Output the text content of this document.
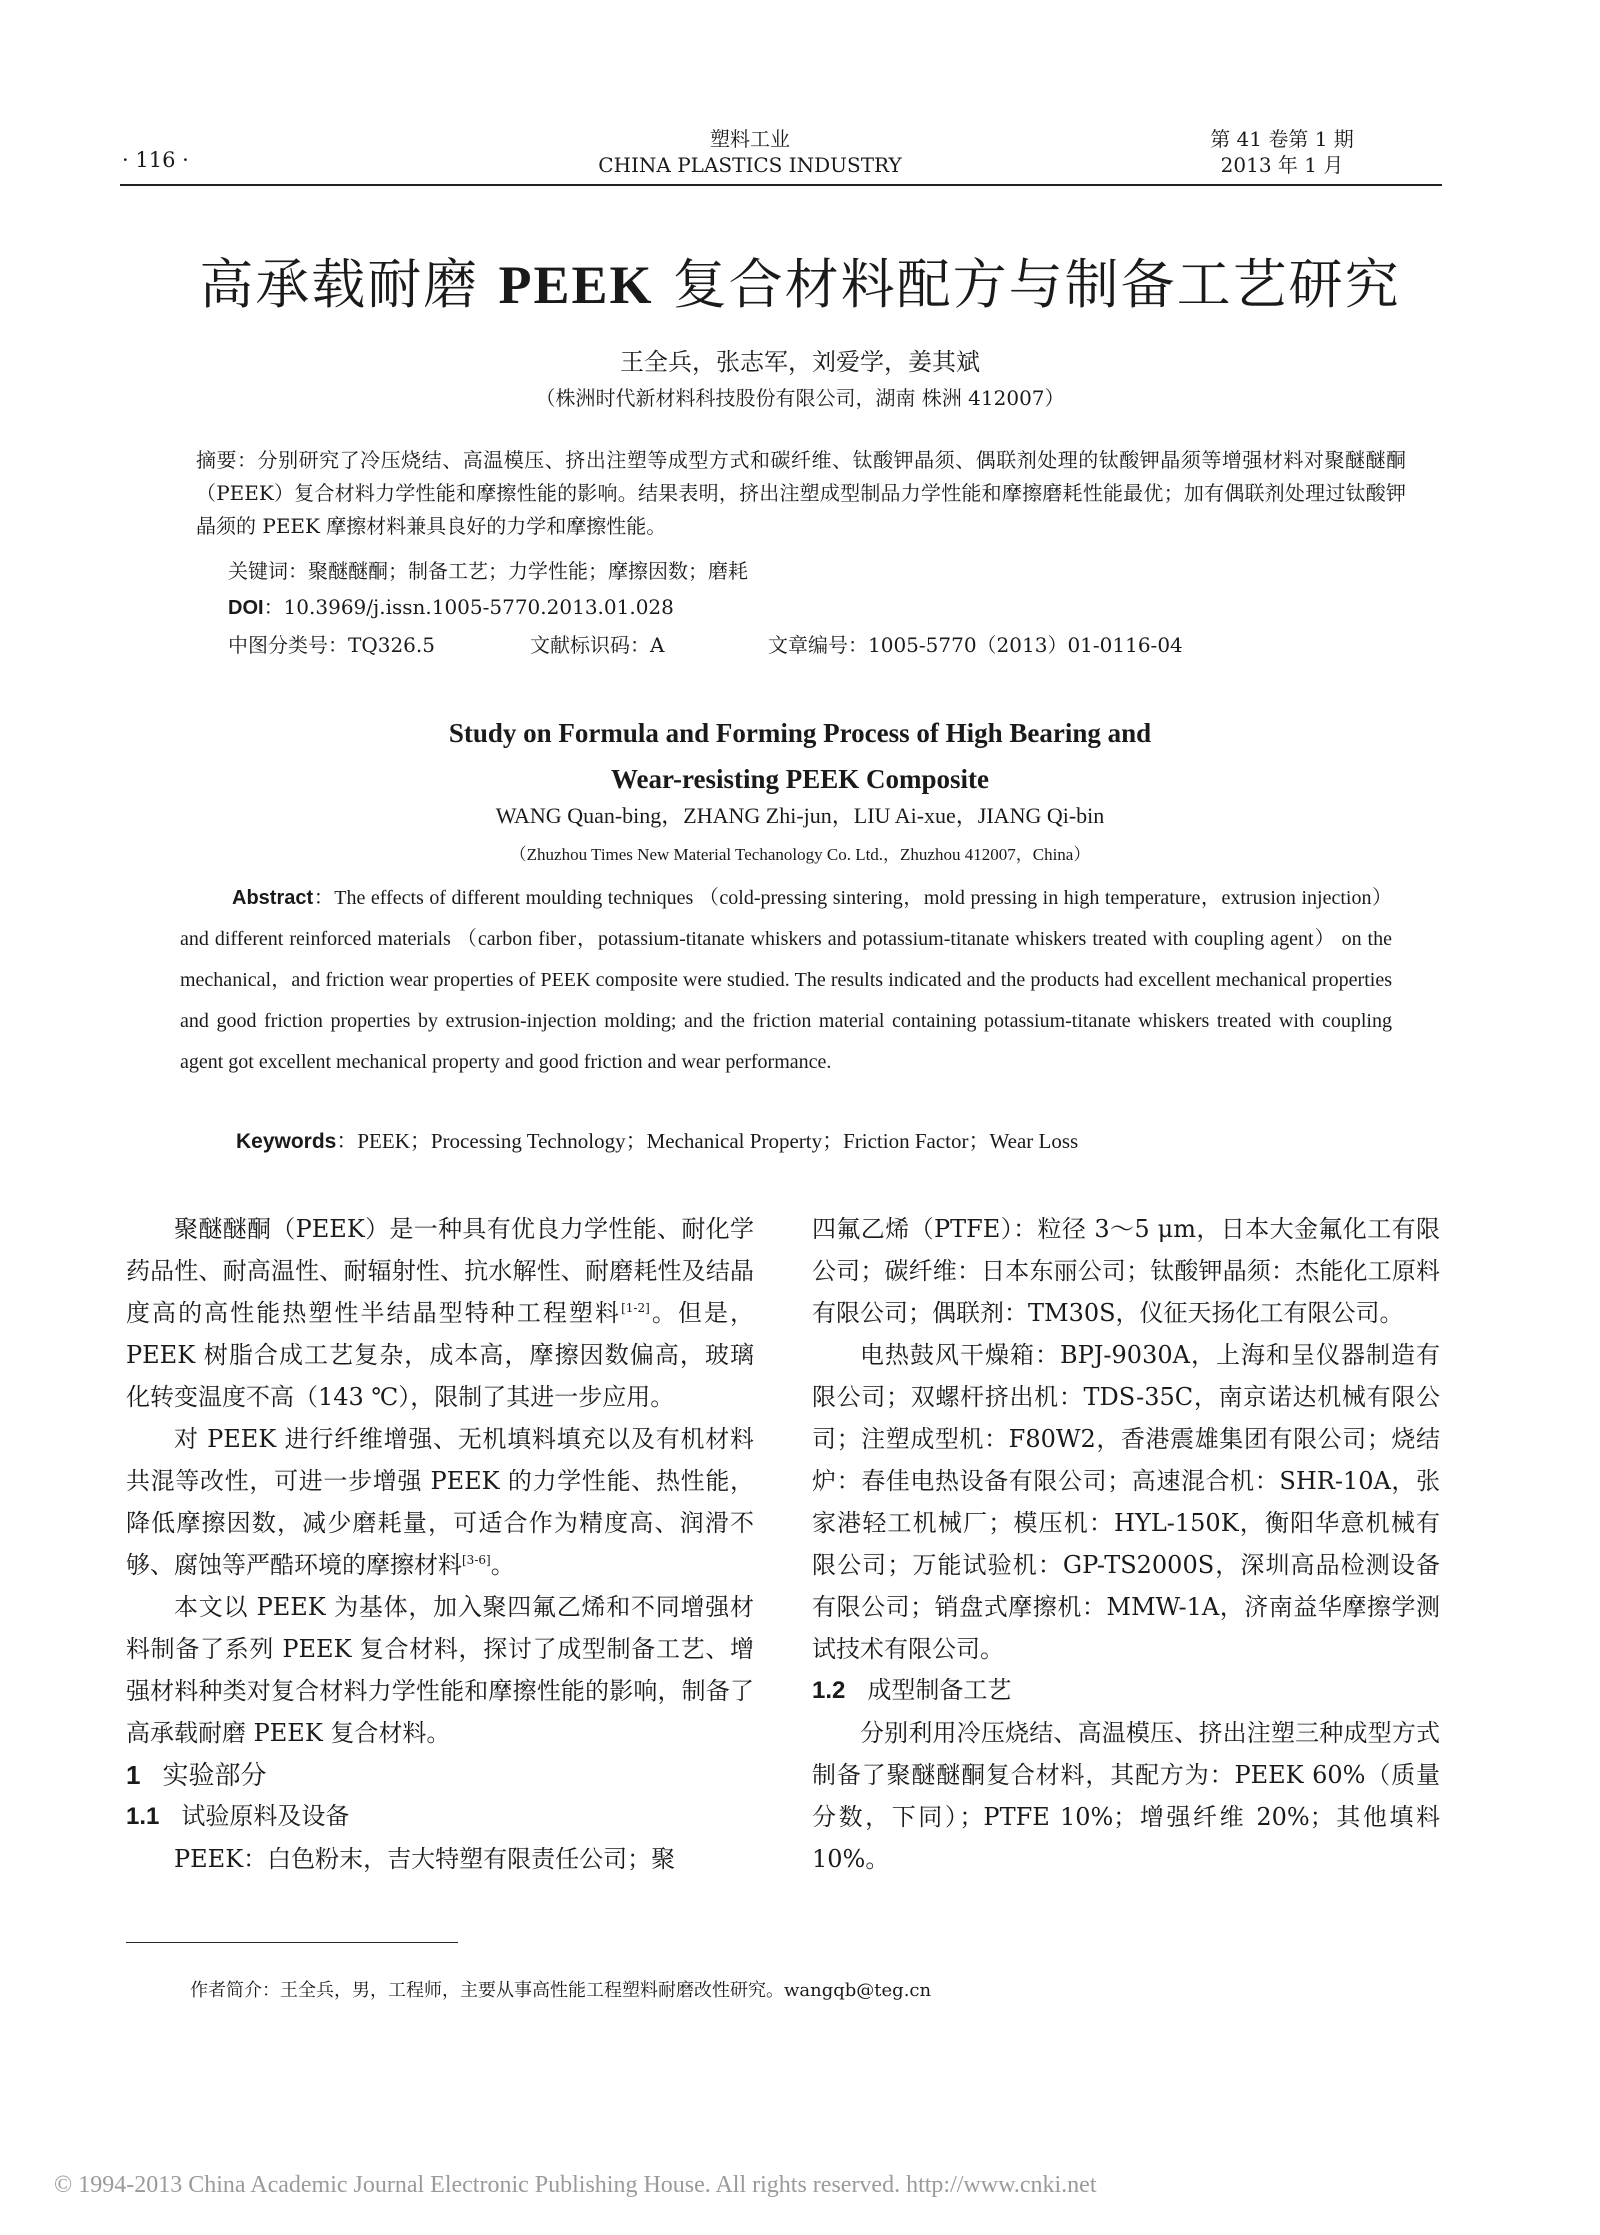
· 116 ·
塑料工业
CHINA PLASTICS INDUSTRY
第 41 卷第 1 期
2013 年 1 月
高承载耐磨 PEEK 复合材料配方与制备工艺研究
王全兵，张志军，刘爱学，姜其斌
（株洲时代新材料科技股份有限公司，湖南 株洲 412007）
摘要：分别研究了冷压烧结、高温模压、挤出注塑等成型方式和碳纤维、钛酸钾晶须、偶联剂处理的钛酸钾晶须等增强材料对聚醚醚酮（PEEK）复合材料力学性能和摩擦性能的影响。结果表明，挤出注塑成型制品力学性能和摩擦磨耗性能最优；加有偶联剂处理过钛酸钾晶须的 PEEK 摩擦材料兼具良好的力学和摩擦性能。
关键词：聚醚醚酮；制备工艺；力学性能；摩擦因数；磨耗
DOI：10.3969/j.issn.1005-5770.2013.01.028
中图分类号：TQ326.5	文献标识码：A	文章编号：1005-5770（2013）01-0116-04
Study on Formula and Forming Process of High Bearing and
Wear-resisting PEEK Composite
WANG Quan-bing，ZHANG Zhi-jun，LIU Ai-xue，JIANG Qi-bin
（Zhuzhou Times New Material Techanology Co. Ltd.，Zhuzhou 412007，China）
Abstract：The effects of different moulding techniques （cold-pressing sintering，mold pressing in high temperature，extrusion injection） and different reinforced materials （carbon fiber，potassium-titanate whiskers and potassium-titanate whiskers treated with coupling agent） on the mechanical，and friction wear properties of PEEK composite were studied. The results indicated and the products had excellent mechanical properties and good friction properties by extrusion-injection molding; and the friction material containing potassium-titanate whiskers treated with coupling agent got excellent mechanical property and good friction and wear performance.
Keywords：PEEK；Processing Technology；Mechanical Property；Friction Factor；Wear Loss

聚醚醚酮（PEEK）是一种具有优良力学性能、耐化学药品性、耐高温性、耐辐射性、抗水解性、耐磨耗性及结晶度高的高性能热塑性半结晶型特种工程塑料[1-2]。但是，PEEK 树脂合成工艺复杂，成本高，摩擦因数偏高，玻璃化转变温度不高（143 ℃），限制了其进一步应用。

对 PEEK 进行纤维增强、无机填料填充以及有机材料共混等改性，可进一步增强 PEEK 的力学性能、热性能，降低摩擦因数，减少磨耗量，可适合作为精度高、润滑不够、腐蚀等严酷环境的摩擦材料[3-6]。

本文以 PEEK 为基体，加入聚四氟乙烯和不同增强材料制备了系列 PEEK 复合材料，探讨了成型制备工艺、增强材料种类对复合材料力学性能和摩擦性能的影响，制备了高承载耐磨 PEEK 复合材料。

1 实验部分

1.1 试验原料及设备

PEEK：白色粉末，吉大特塑有限责任公司；聚

四氟乙烯（PTFE）：粒径 3～5 μm，日本大金氟化工有限公司；碳纤维：日本东丽公司；钛酸钾晶须：杰能化工原料有限公司；偶联剂：TM30S，仪征天扬化工有限公司。

电热鼓风干燥箱：BPJ-9030A，上海和呈仪器制造有限公司；双螺杆挤出机：TDS-35C，南京诺达机械有限公司；注塑成型机：F80W2，香港震雄集团有限公司；烧结炉：春佳电热设备有限公司；高速混合机：SHR-10A，张家港轻工机械厂；模压机：HYL-150K，衡阳华意机械有限公司；万能试验机：GP-TS2000S，深圳高品检测设备有限公司；销盘式摩擦机：MMW-1A，济南益华摩擦学测试技术有限公司。

1.2 成型制备工艺

分别利用冷压烧结、高温模压、挤出注塑三种成型方式制备了聚醚醚酮复合材料，其配方为：PEEK 60%（质量分数，下同）；PTFE 10%；增强纤维 20%；其他填料 10%。

作者简介：王全兵，男，工程师，主要从事高性能工程塑料耐磨改性研究。wangqb@teg.cn
© 1994-2013 China Academic Journal Electronic Publishing House. All rights reserved. http://www.cnki.net
